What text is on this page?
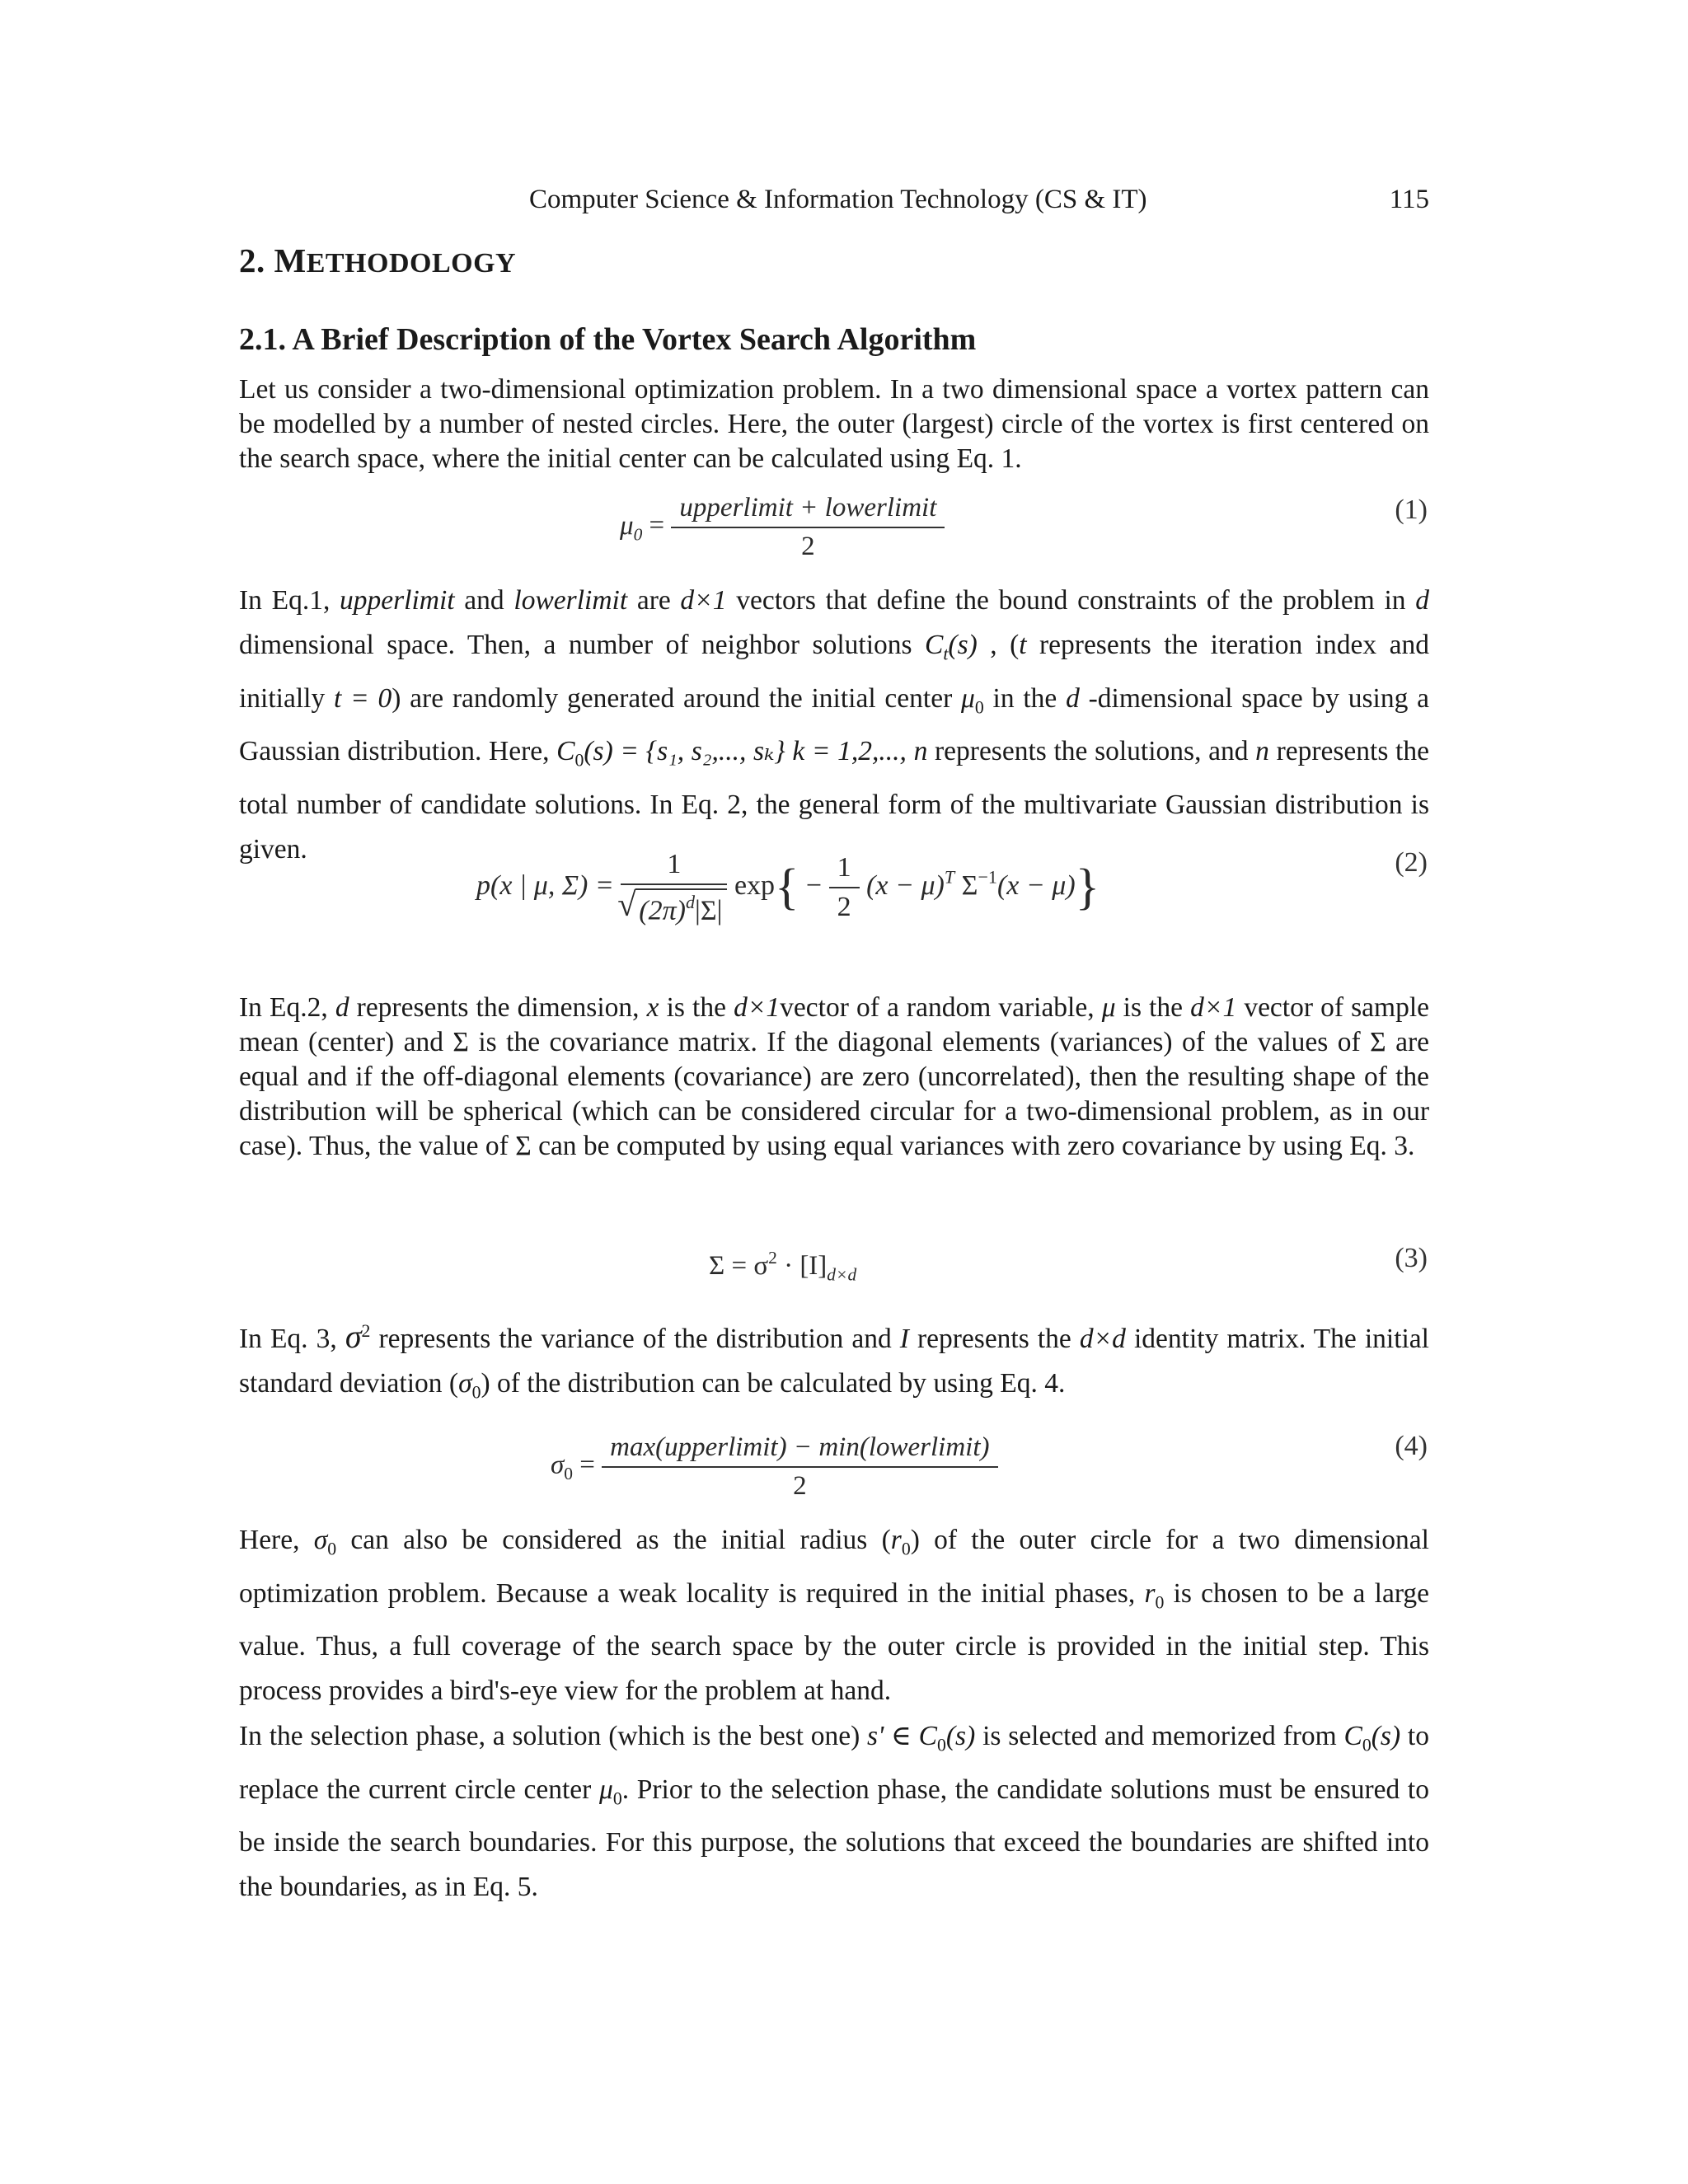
Computer Science & Information Technology (CS & IT)	115
2. METHODOLOGY
2.1. A Brief Description of the Vortex Search Algorithm

Let us consider a two-dimensional optimization problem. In a two dimensional space a vortex pattern can be modelled by a number of nested circles. Here, the outer (largest) circle of the vortex is first centered on the search space, where the initial center can be calculated using Eq. 1.

$\mu_0 = \frac{\text{upperlimit + lowerlimit}}{2}$	(1)

In Eq.1, upperlimit and lowerlimit are d×1 vectors that define the bound constraints of the problem in d dimensional space. Then, a number of neighbor solutions $C_t(s)$ , (t represents the iteration index and initially t = 0) are randomly generated around the initial center $\mu_0$ in the d -dimensional space by using a Gaussian distribution. Here, $C_0(s) = \{s_1$, s₂,..., sₖ} k = 1,2,..., n represents the solutions, and n represents the total number of candidate solutions. In Eq. 2, the general form of the multivariate Gaussian distribution is given.

p(x | μ, Σ) = 1
√ $(2\pi)^d|\Sigma|$ $\exp\{ - \frac{1}{2} (x - \mu)^T$ $\Sigma^{-1}(x - \mu)$}	(2)

In Eq.2, d represents the dimension, x is the d×1vector of a random variable, μ is the d×1 vector of sample mean (center) and Σ is the covariance matrix. If the diagonal elements (variances) of the values of Σ are equal and if the off-diagonal elements (covariance) are zero (uncorrelated), then the resulting shape of the distribution will be spherical (which can be considered circular for a two-dimensional problem, as in our case). Thus, the value of Σ can be computed by using equal variances with zero covariance by using Eq. 3.

$\Sigma = \sigma^2 \cdot [I]_{d\times d}$
(3)

In Eq. 3, $\sigma^2$ represents the variance of the distribution and I represents the d×d identity matrix. The initial standard deviation $(\sigma_0)$ of the distribution can be calculated by using Eq. 4.

$\sigma_0 = \frac{\text{max(upperlimit) − min(lowerlimit)}}{2}$	(4)

Here, $\sigma_0$ can also be considered as the initial radius $(r_0)$ of the outer circle for a two dimensional optimization problem. Because a weak locality is required in the initial phases, $r_0$ is chosen to be a large value. Thus, a full coverage of the search space by the outer circle is provided in the initial step. This process provides a bird's-eye view for the problem at hand.

In the selection phase, a solution (which is the best one) s' ∈ $C_0(s)$ is selected and memorized from $C_0(s)$ to replace the current circle center $\mu_0$. Prior to the selection phase, the candidate solutions must be ensured to be inside the search boundaries. For this purpose, the solutions that exceed the boundaries are shifted into the boundaries, as in Eq. 5.
